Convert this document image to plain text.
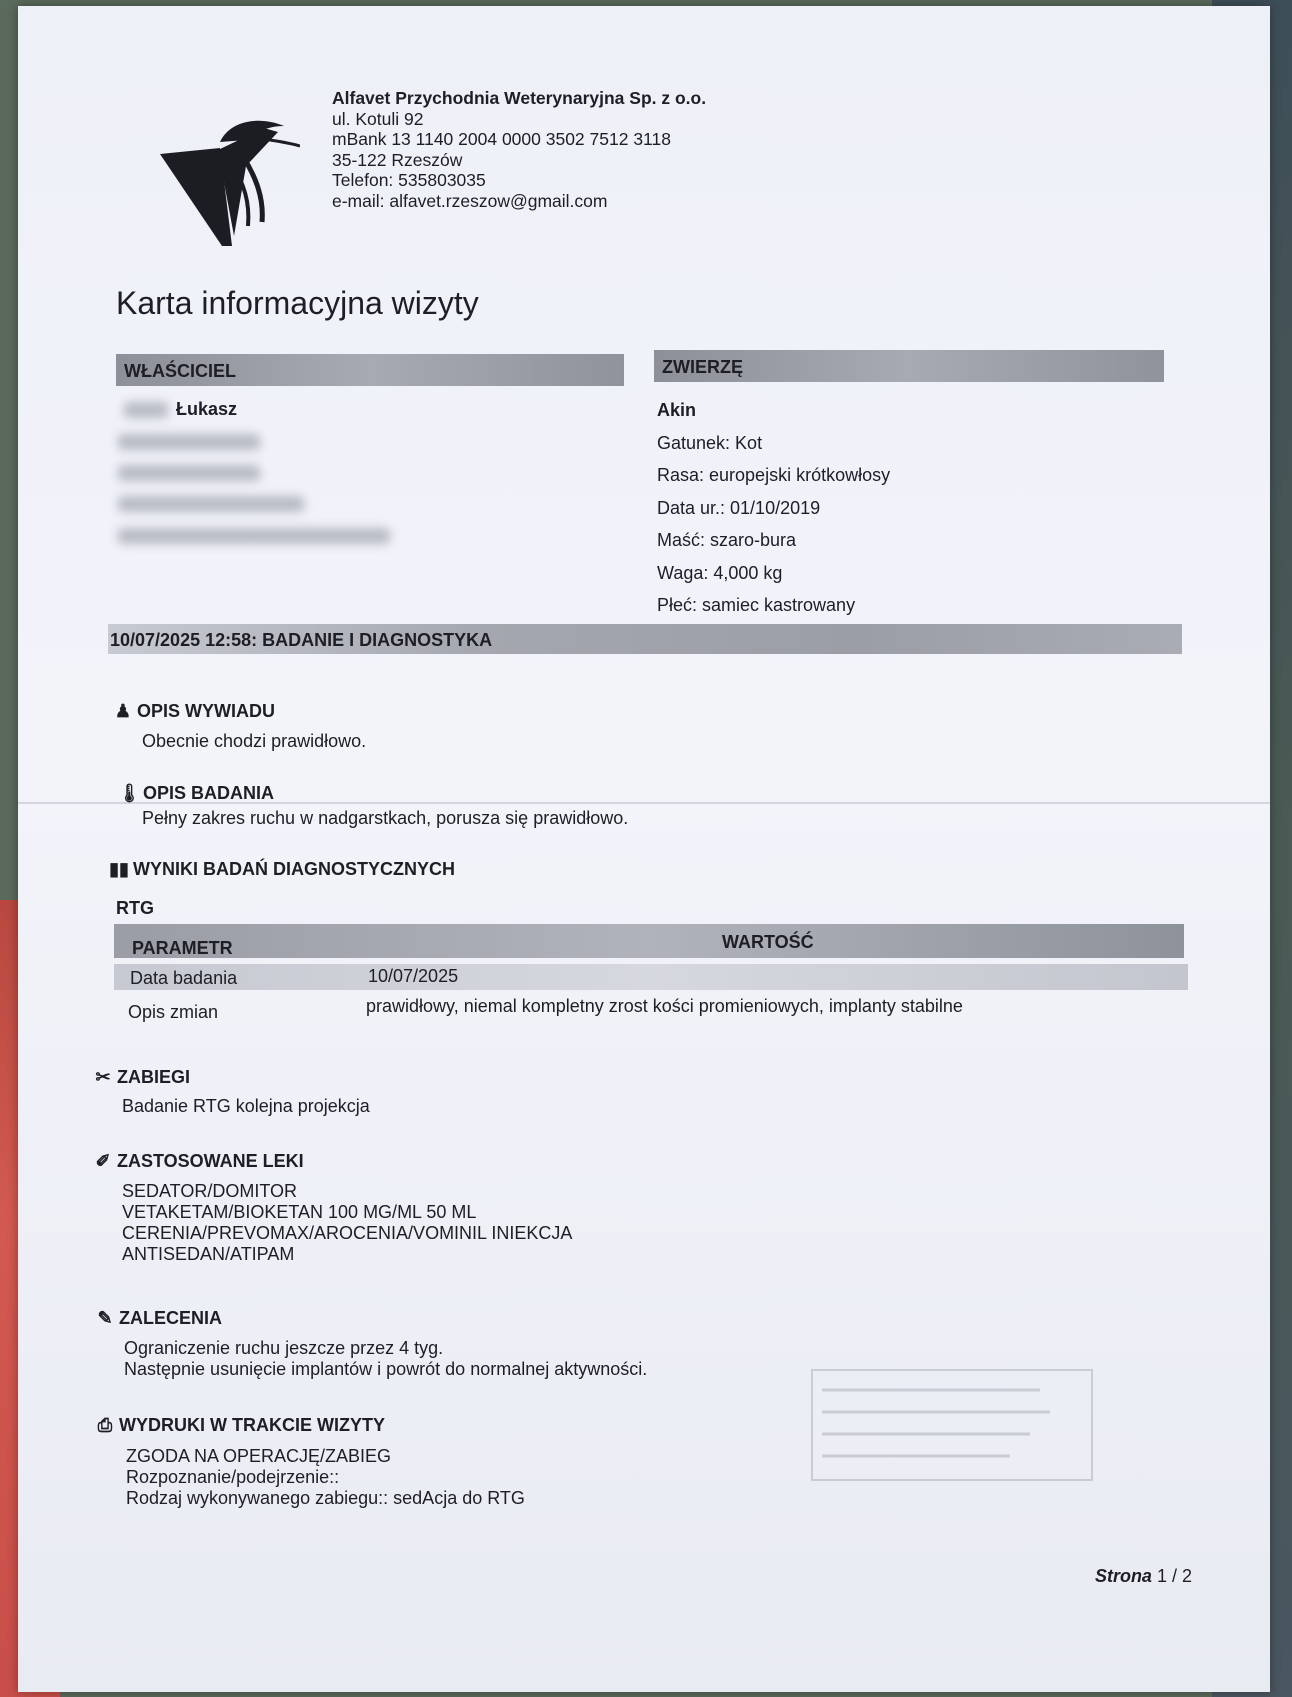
Alfavet Przychodnia Weterynaryjna Sp. z o.o.
ul. Kotuli 92
mBank 13 1140 2004 0000 3502 7512 3118
35-122 Rzeszów
Telefon: 535803035
e-mail: alfavet.rzeszow@gmail.com
Karta informacyjna wizyty
WŁAŚCICIEL
Łukasz
ZWIERZĘ
Akin
Gatunek: Kot
Rasa: europejski krótkowłosy
Data ur.: 01/10/2019
Maść: szaro-bura
Waga: 4,000 kg
Płeć: samiec kastrowany
10/07/2025 12:58: BADANIE I DIAGNOSTYKA
♟ OPIS WYWIADU
Obecnie chodzi prawidłowo.
🌡 OPIS BADANIA
Pełny zakres ruchu w nadgarstkach, porusza się prawidłowo.
▮▮ WYNIKI BADAŃ DIAGNOSTYCZNYCH
RTG
PARAMETR	WARTOŚĆ
Data badania	10/07/2025
Opis zmian	prawidłowy, niemal kompletny zrost kości promieniowych, implanty stabilne
✂ ZABIEGI
Badanie RTG kolejna projekcja
✐ ZASTOSOWANE LEKI
SEDATOR/DOMITOR
VETAKETAM/BIOKETAN 100 MG/ML 50 ML
CERENIA/PREVOMAX/AROCENIA/VOMINIL INIEKCJA
ANTISEDAN/ATIPAM
✎ ZALECENIA
Ograniczenie ruchu jeszcze przez 4 tyg.
Następnie usunięcie implantów i powrót do normalnej aktywności.
⎙ WYDRUKI W TRAKCIE WIZYTY
ZGODA NA OPERACJĘ/ZABIEG
Rozpoznanie/podejrzenie::
Rodzaj wykonywanego zabiegu:: sedAcja do RTG
Strona 1 / 2
